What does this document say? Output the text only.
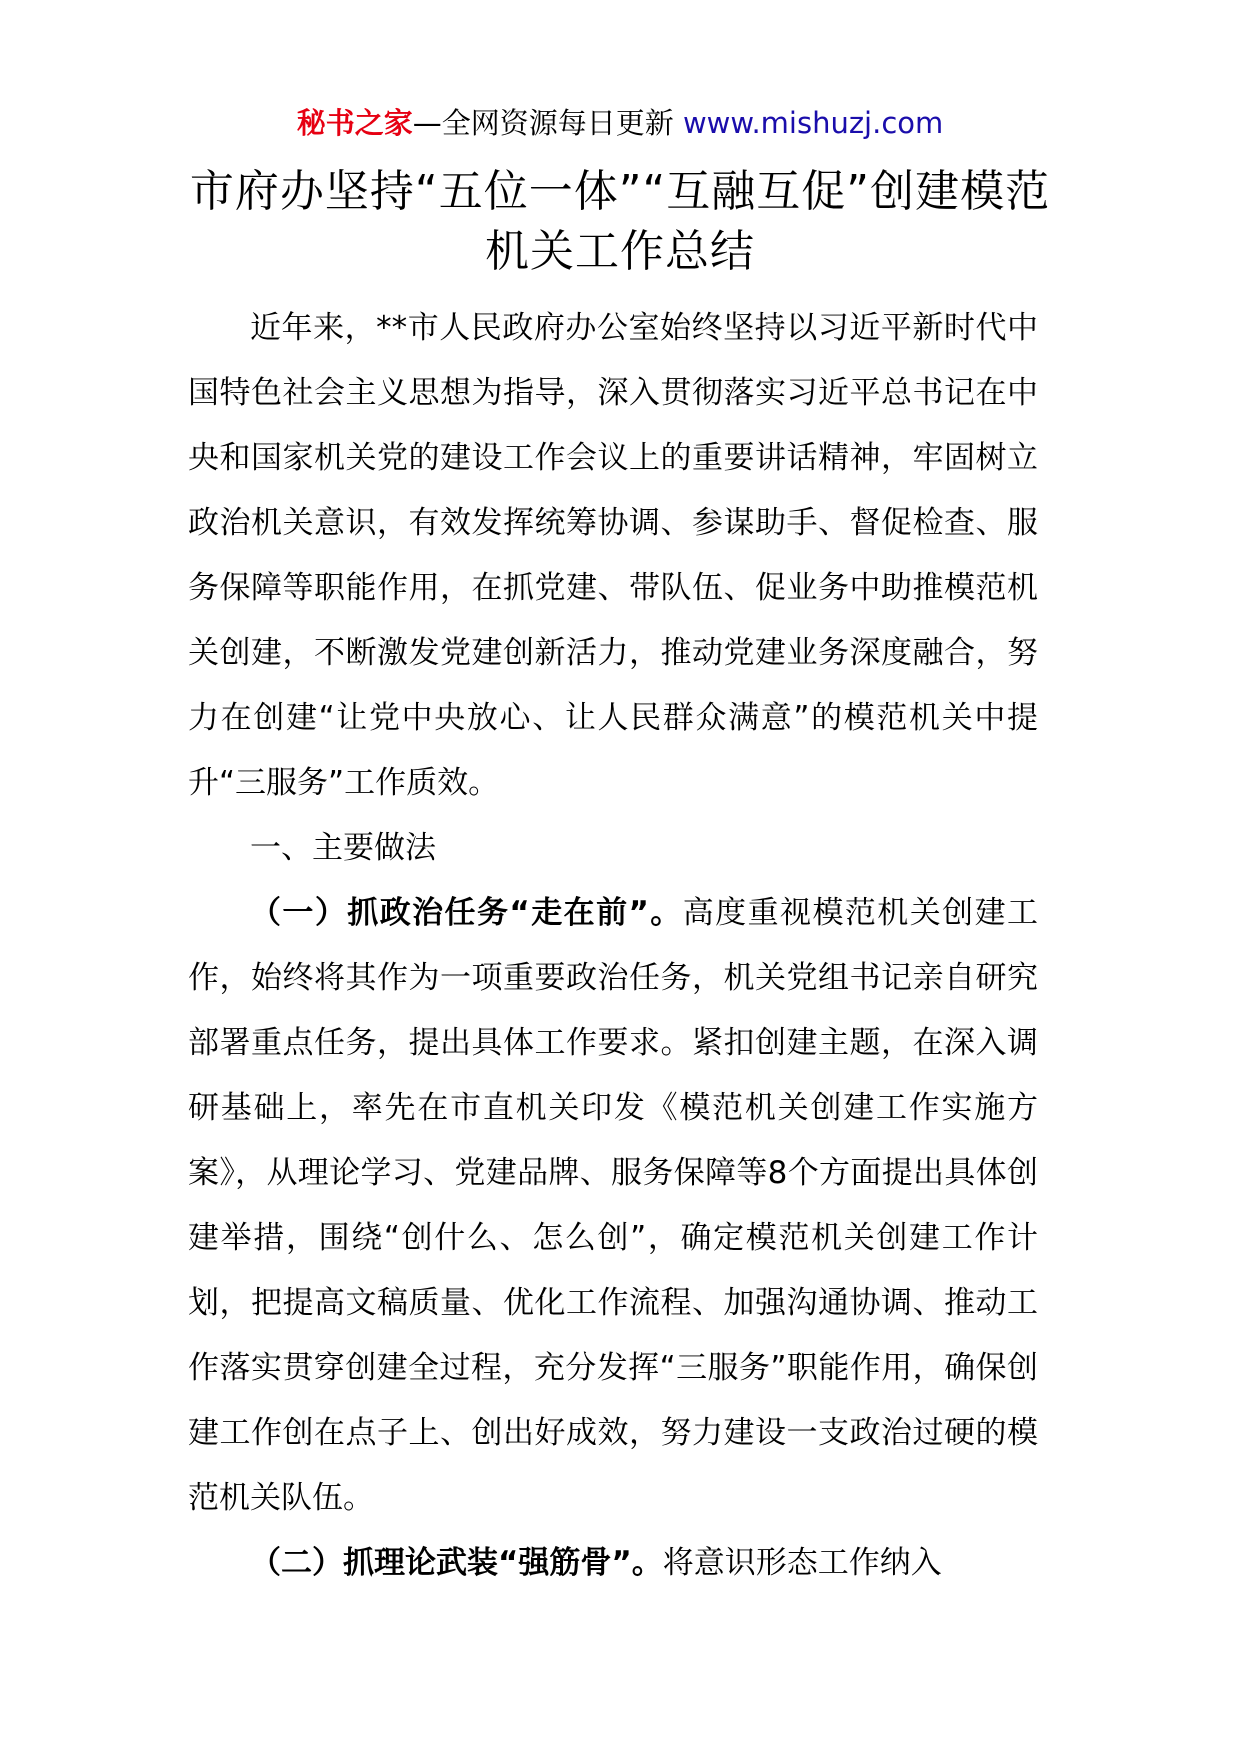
秘书之家—全网资源每日更新 www.mishuzj.com
市府办坚持“五位一体”“互融互促”创建模范机关工作总结

近年来，**市人民政府办公室始终坚持以习近平新时代中国特色社会主义思想为指导，深入贯彻落实习近平总书记在中央和国家机关党的建设工作会议上的重要讲话精神，牢固树立政治机关意识，有效发挥统筹协调、参谋助手、督促检查、服务保障等职能作用，在抓党建、带队伍、促业务中助推模范机关创建，不断激发党建创新活力，推动党建业务深度融合，努力在创建“让党中央放心、让人民群众满意”的模范机关中提升“三服务”工作质效。

一、主要做法

（一）抓政治任务“走在前”。高度重视模范机关创建工作，始终将其作为一项重要政治任务，机关党组书记亲自研究部署重点任务，提出具体工作要求。紧扣创建主题，在深入调研基础上，率先在市直机关印发《模范机关创建工作实施方案》，从理论学习、党建品牌、服务保障等8个方面提出具体创建举措，围绕“创什么、怎么创”，确定模范机关创建工作计划，把提高文稿质量、优化工作流程、加强沟通协调、推动工作落实贯穿创建全过程，充分发挥“三服务”职能作用，确保创建工作创在点子上、创出好成效，努力建设一支政治过硬的模范机关队伍。

（二）抓理论武装“强筋骨”。将意识形态工作纳入
